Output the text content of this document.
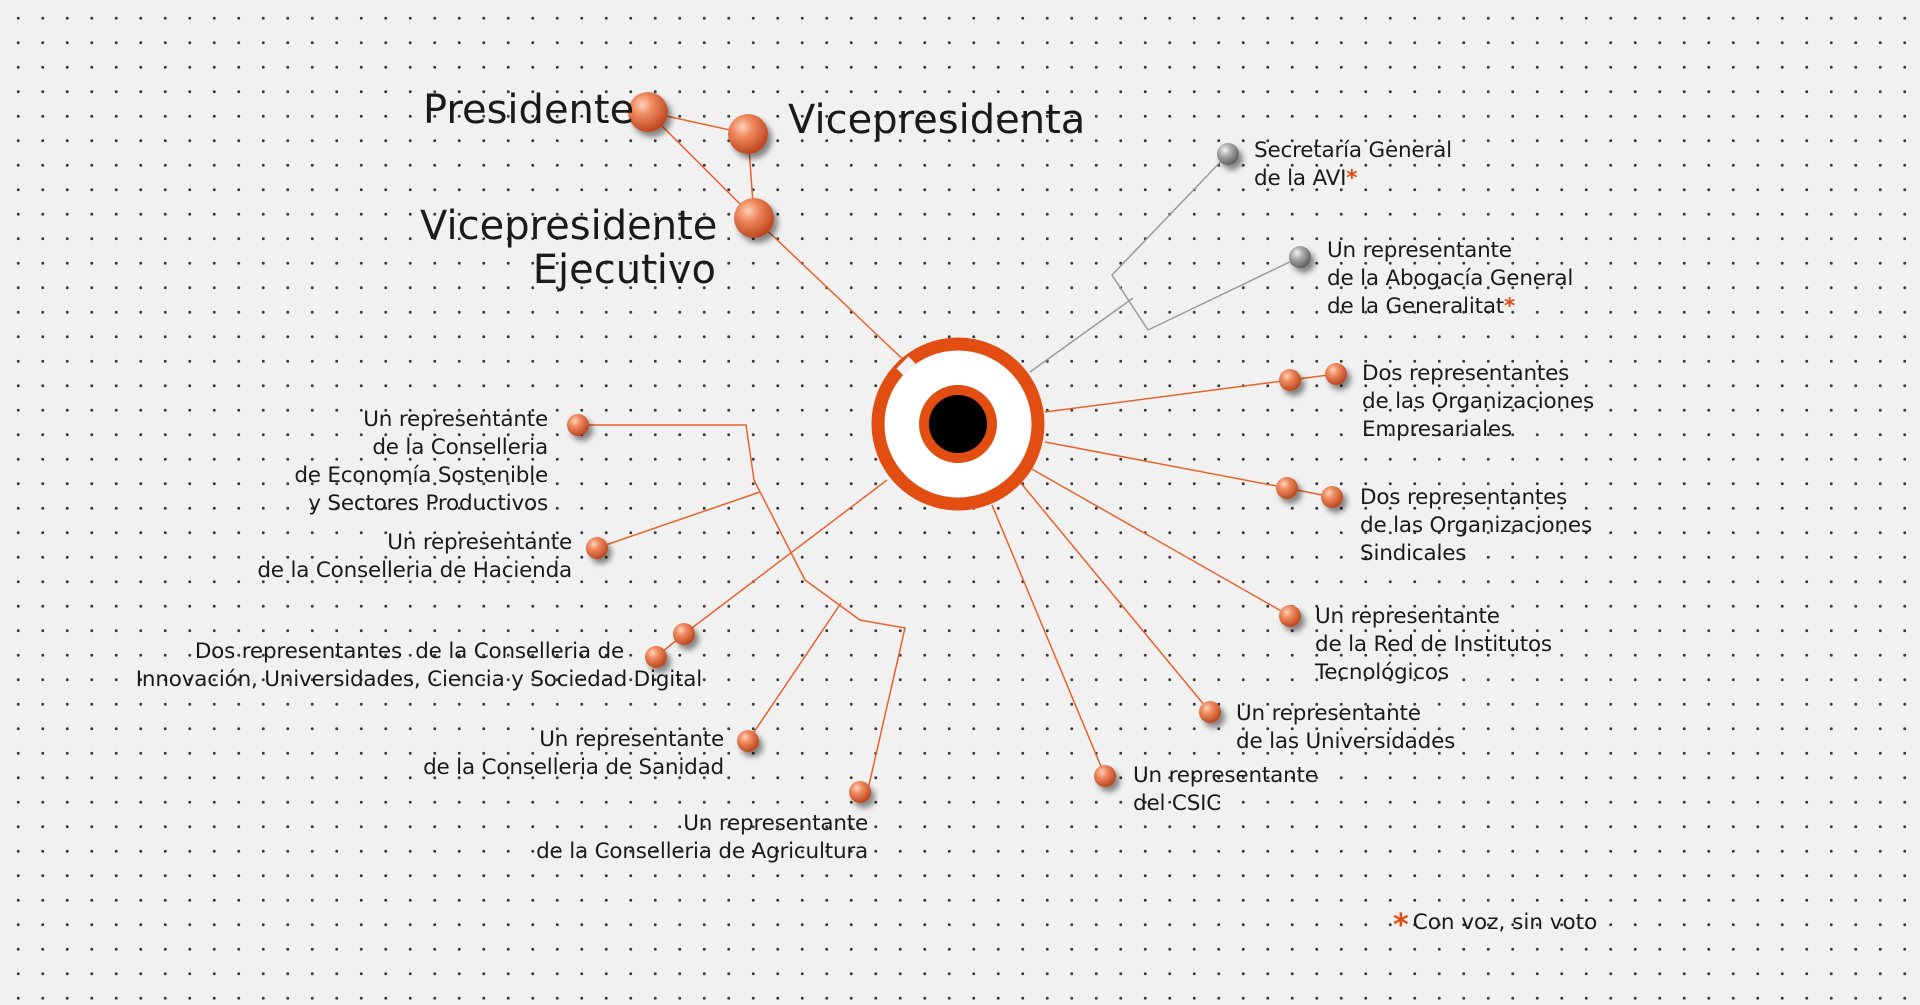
Presidente	Vicepresidenta
Vicepresidente
Ejecutivo
Secretaría General
de la AVI*
Un representante
de la Abogacía General
de la Generalitat*
Dos representantes
de las Organizaciones
Empresariales
Dos representantes
de las Organizaciones
Sindicales
Un representante
de la Red de Institutos
Tecnológicos
Un representante
de las Universidades
Un representante
del CSIC
Un representante
de la Conselleria
de Economía Sostenible
y Sectores Productivos
Un representante
de la Conselleria de Hacienda
Dos representantes  de la Conselleria de
Innovación, Universidades, Ciencia y Sociedad Digital
Un representante
de la Conselleria de Sanidad
Un representante
de la Conselleria de Agricultura
* Con voz, sin voto
